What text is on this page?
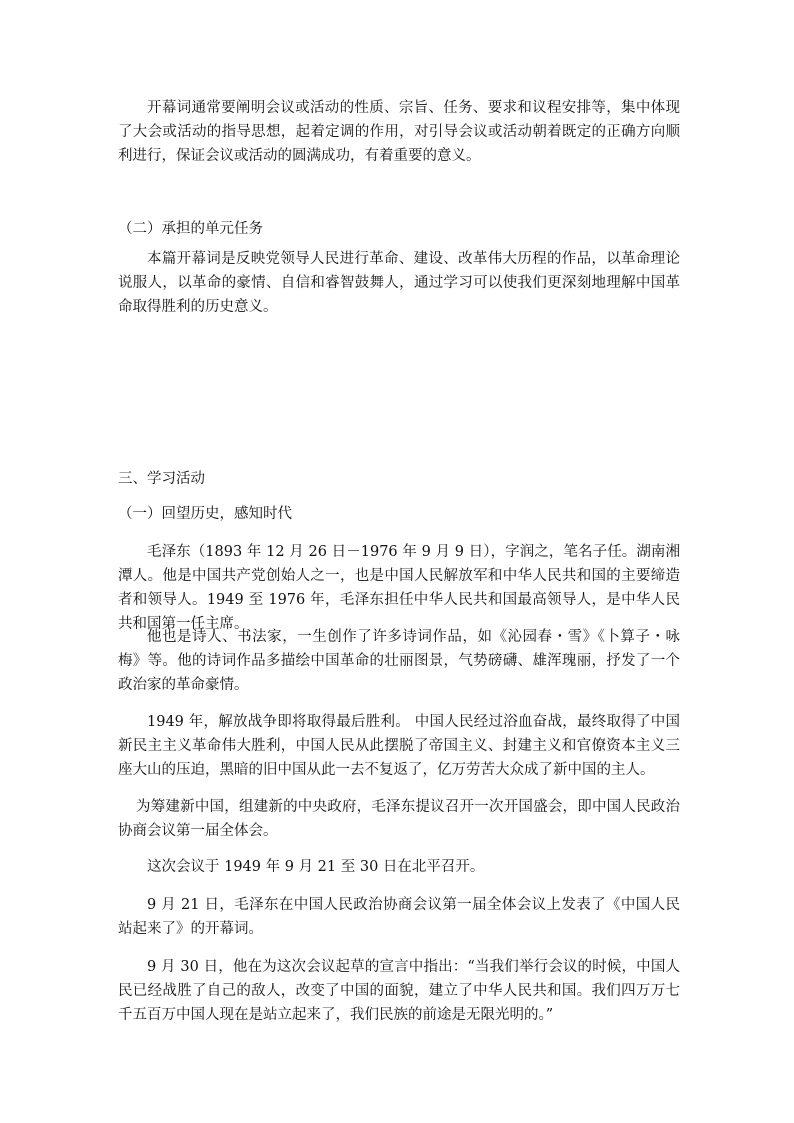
开幕词通常要阐明会议或活动的性质、宗旨、任务、要求和议程安排等，集中体现了大会或活动的指导思想，起着定调的作用，对引导会议或活动朝着既定的正确方向顺利进行，保证会议或活动的圆满成功，有着重要的意义。

（二）承担的单元任务

本篇开幕词是反映党领导人民进行革命、建设、改革伟大历程的作品，以革命理论说服人，以革命的豪情、自信和睿智鼓舞人，通过学习可以使我们更深刻地理解中国革命取得胜利的历史意义。

三、学习活动

（一）回望历史，感知时代

毛泽东（1893 年 12 月 26 日－1976 年 9 月 9 日），字润之，笔名子任。湖南湘潭人。他是中国共产党创始人之一，也是中国人民解放军和中华人民共和国的主要缔造者和领导人。1949 至 1976 年，毛泽东担任中华人民共和国最高领导人，是中华人民共和国第一任主席。

他也是诗人、书法家，一生创作了许多诗词作品，如《沁园春・雪》《卜算子・咏梅》等。他的诗词作品多描绘中国革命的壮丽图景，气势磅礴、雄浑瑰丽，抒发了一个政治家的革命豪情。

1949 年，解放战争即将取得最后胜利。 中国人民经过浴血奋战，最终取得了中国新民主主义革命伟大胜利，中国人民从此摆脱了帝国主义、封建主义和官僚资本主义三座大山的压迫，黑暗的旧中国从此一去不复返了，亿万劳苦大众成了新中国的主人。

为筹建新中国，组建新的中央政府，毛泽东提议召开一次开国盛会，即中国人民政治协商会议第一届全体会。

这次会议于 1949 年 9 月 21 至 30 日在北平召开。

9 月 21 日，毛泽东在中国人民政治协商会议第一届全体会议上发表了《中国人民站起来了》的开幕词。

9 月 30 日，他在为这次会议起草的宣言中指出：“当我们举行会议的时候，中国人民已经战胜了自己的敌人，改变了中国的面貌，建立了中华人民共和国。我们四万万七千五百万中国人现在是站立起来了，我们民族的前途是无限光明的。”
